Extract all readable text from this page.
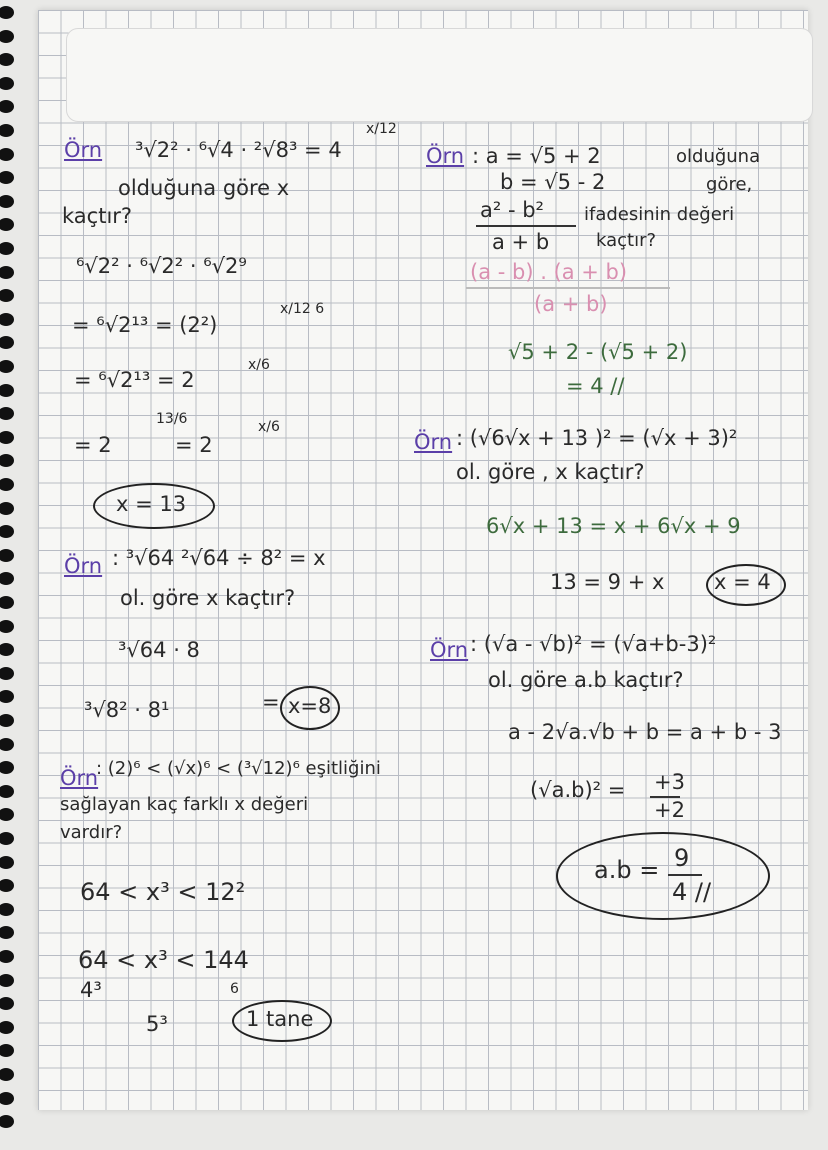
Örn ³√2² · ⁶√4 · ²√8³ = 4
x/12
olduğuna göre x
kaçtır?
⁶√2² · ⁶√2² · ⁶√2⁹
= ⁶√2¹³ = (2²)
x/12 6
= ⁶√2¹³ = 2
x/6
= 2
13/6
= 2
x/6
x = 13
Örn : ³√64 ²√64 ÷ 8² = x
ol. göre x kaçtır?
³√64 · 8
³√8² · 8¹	= x=8
Örn
: (2)⁶ < (√x)⁶ < (³√12)⁶ eşitliğini
sağlayan kaç farklı x değeri
vardır?
64 < x³ < 12²
64 < x³ < 144
4³
5³
6
1 tane
Örn : a = √5 + 2	olduğuna
b = √5 - 2	göre,
a² - b²
a + b
ifadesinin değeri
kaçtır?
(a - b) . (a + b)
(a + b)
√5 + 2 - (√5 + 2)
= 4 //
Örn : (√6√x + 13 )² = (√x + 3)²
ol. göre , x kaçtır?
6√x + 13 = x + 6√x + 9
13 = 9 + x x = 4
Örn : (√a - √b)² = (√a+b-3)²
ol. göre a.b kaçtır?
a - 2√a.√b + b = a + b - 3
(√a.b)² = +3
+2
a.b = 9
4 //
